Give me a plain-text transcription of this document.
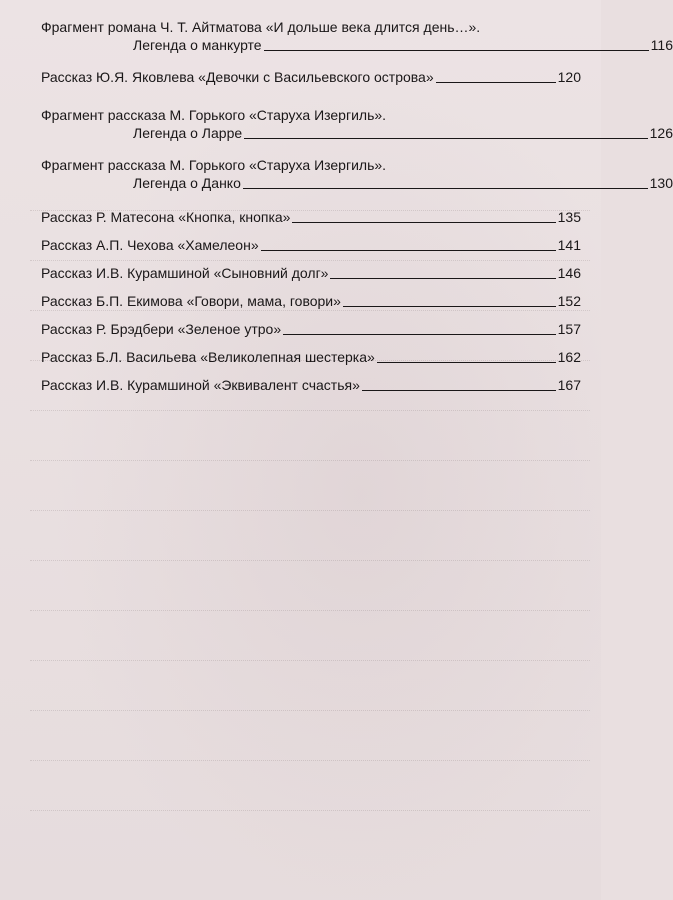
Фрагмент романа Ч. Т. Айтматова «И дольше века длится день…».
Легенда о манкурте	116
Рассказ Ю.Я. Яковлева «Девочки с Васильевского острова»	120
Фрагмент рассказа М. Горького «Старуха Изергиль».
Легенда о Ларре	126
Фрагмент рассказа М. Горького «Старуха Изергиль».
Легенда о Данко	130
Рассказ Р. Матесона «Кнопка, кнопка»	135
Рассказ А.П. Чехова «Хамелеон»	141
Рассказ И.В. Курамшиной «Сыновний долг»	146
Рассказ Б.П. Екимова «Говори, мама, говори»	152
Рассказ Р. Брэдбери «Зеленое утро»	157
Рассказ Б.Л. Васильева «Великолепная шестерка»	162
Рассказ И.В. Курамшиной «Эквивалент счастья»	167
